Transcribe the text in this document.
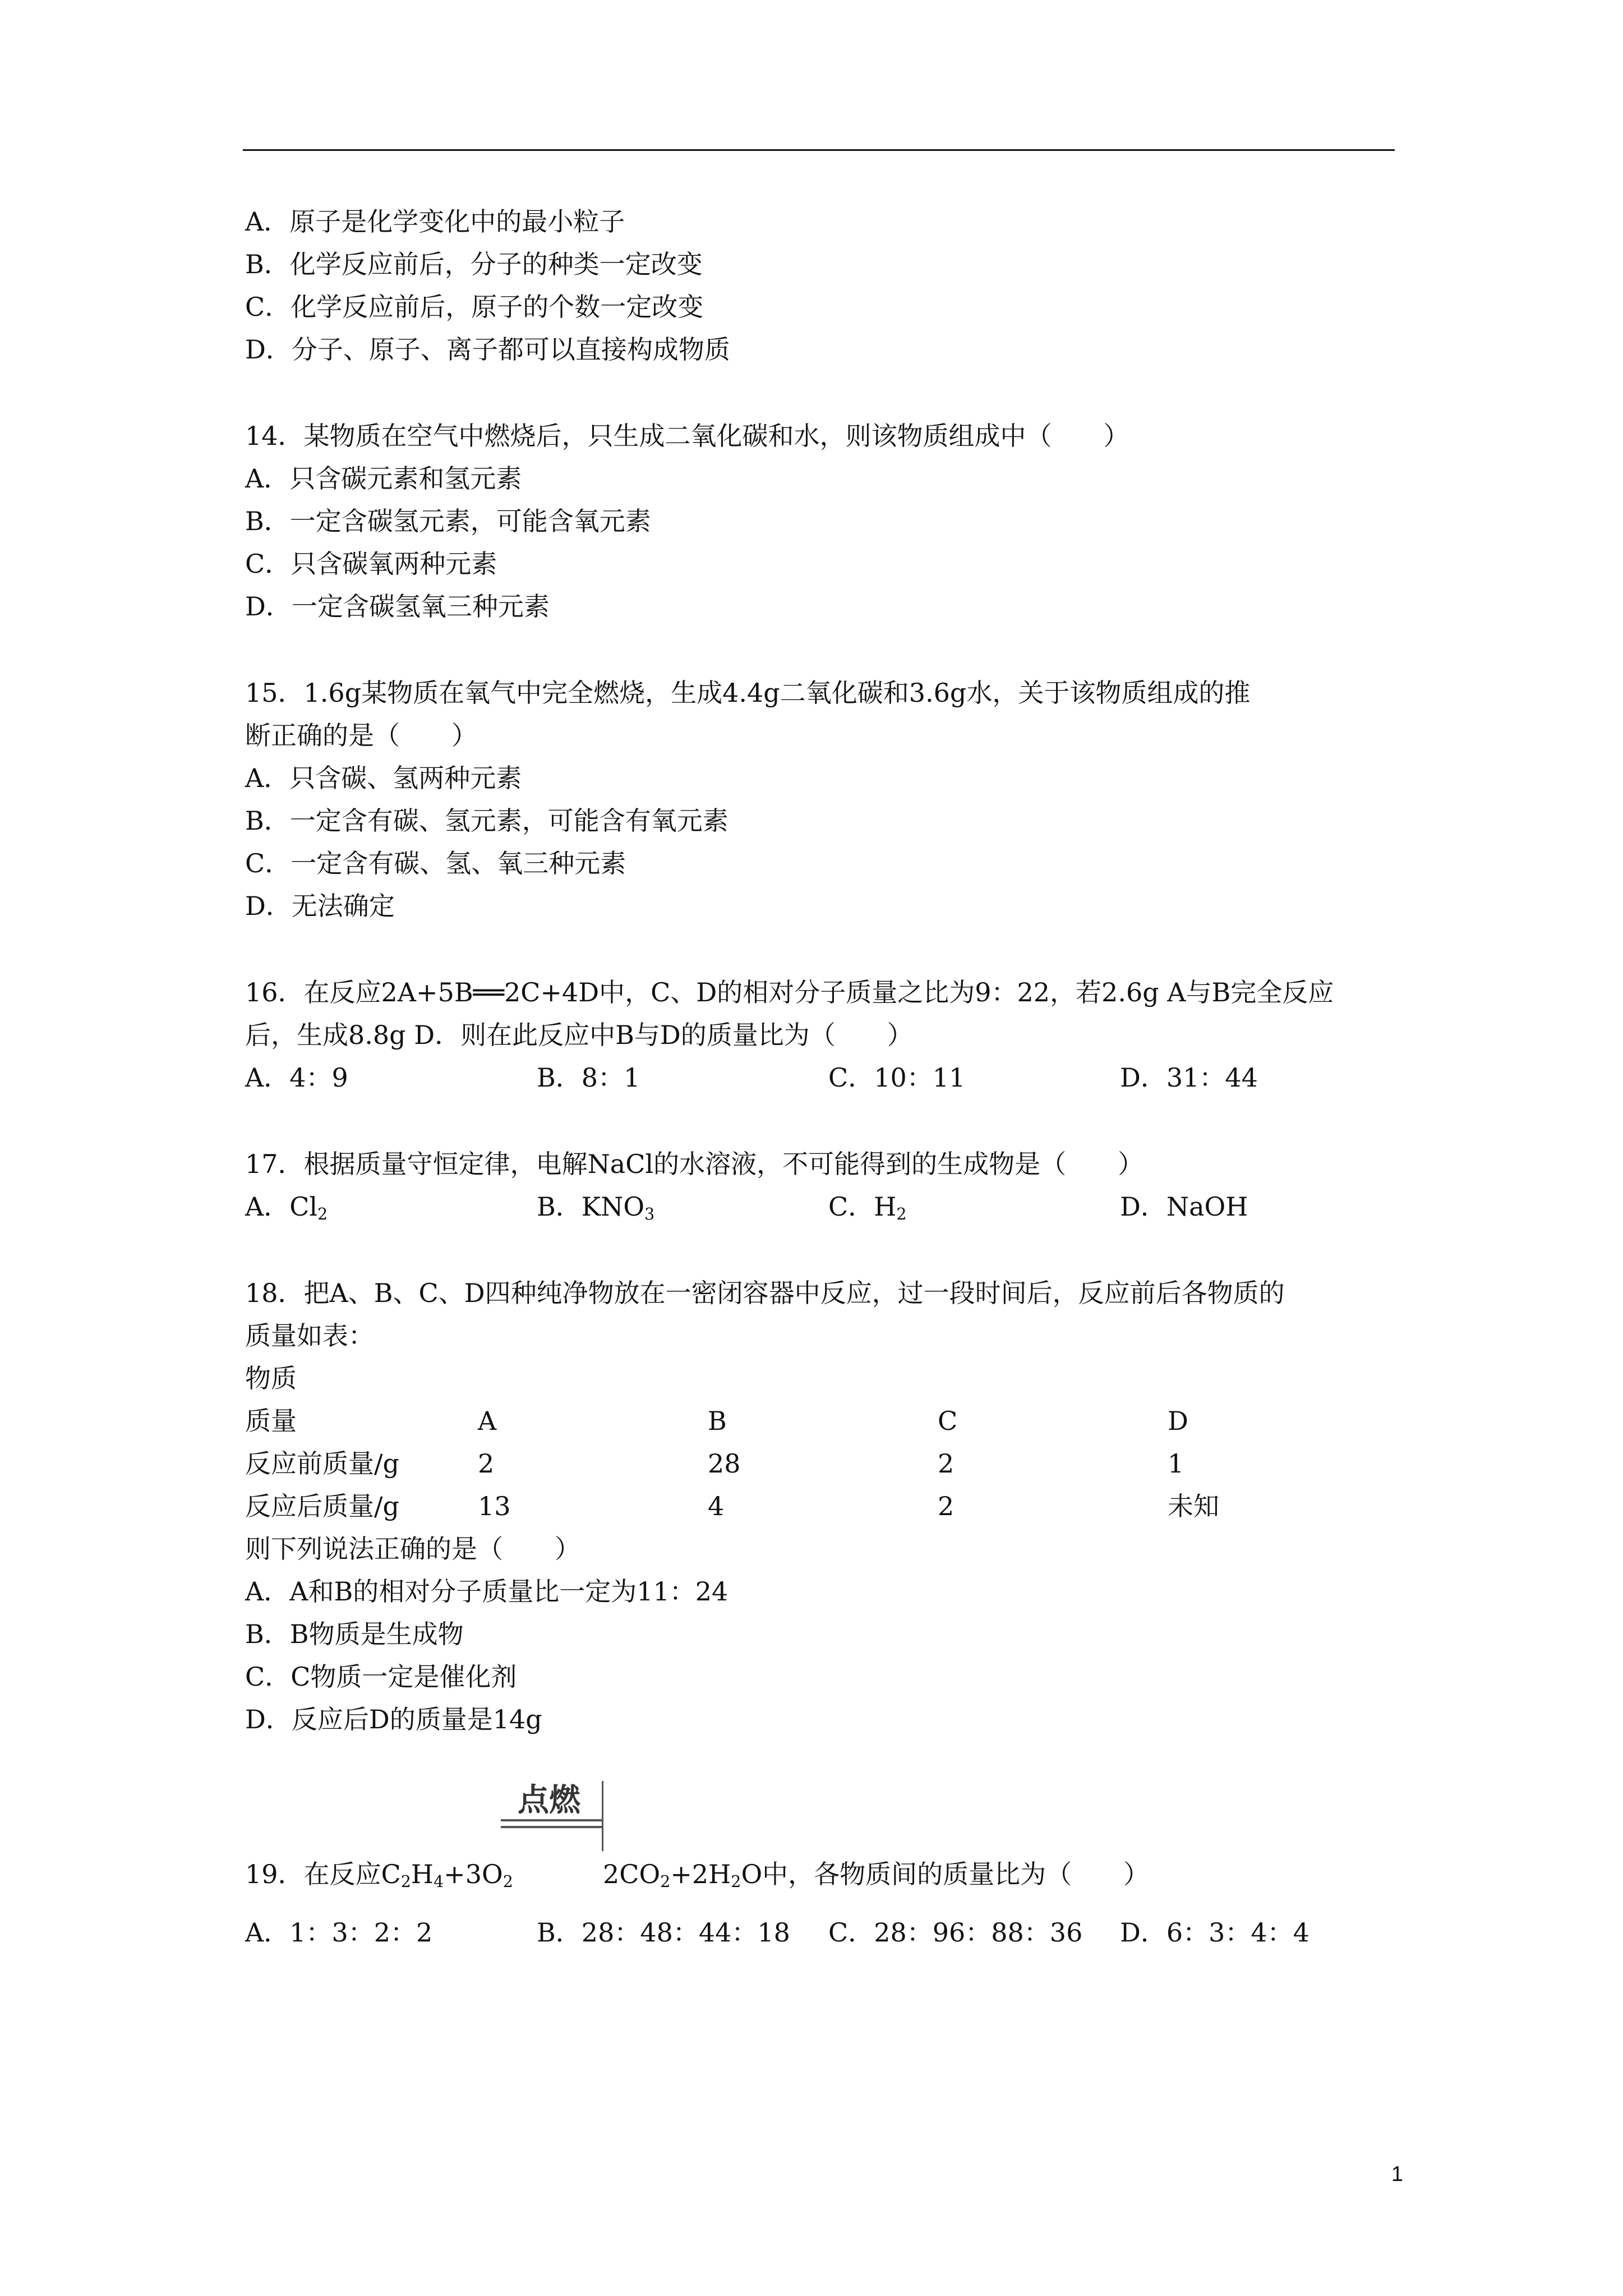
A．原子是化学变化中的最小粒子
B．化学反应前后，分子的种类一定改变
C．化学反应前后，原子的个数一定改变
D．分子、原子、离子都可以直接构成物质
14．某物质在空气中燃烧后，只生成二氧化碳和水，则该物质组成中（　　）
A．只含碳元素和氢元素
B．一定含碳氢元素，可能含氧元素
C．只含碳氧两种元素
D．一定含碳氢氧三种元素
15．1.6g某物质在氧气中完全燃烧，生成4.4g二氧化碳和3.6g水，关于该物质组成的推
断正确的是（　　）
A．只含碳、氢两种元素
B．一定含有碳、氢元素，可能含有氧元素
C．一定含有碳、氢、氧三种元素
D．无法确定
16．在反应2A+5B══2C+4D中，C、D的相对分子质量之比为9：22，若2.6g A与B完全反应
后，生成8.8g D．则在此反应中B与D的质量比为（　　）
A．4：9	B．8：1	C．10：11	D．31：44
17．根据质量守恒定律，电解NaCl的水溶液，不可能得到的生成物是（　　）
A．$Cl_2$	B．$KNO_3$	C．$H_2$	D．NaOH
18．把A、B、C、D四种纯净物放在一密闭容器中反应，过一段时间后，反应前后各物质的
质量如表：
物质
质量	A	B	C	D
反应前质量/g	2	28	2	1
反应后质量/g	13	4	2	未知
则下列说法正确的是（　　）
A．A和B的相对分子质量比一定为11：24
B．B物质是生成物
C．C物质一定是催化剂
D．反应后D的质量是14g
点燃
19．在反应$C_2H_4+3O_2$	$2CO_2+2H_2O$中，各物质间的质量比为（　　）
A．1：3：2：2	B．28：48：44：18 C．28：96：88：36 D．6：3：4：4
1
